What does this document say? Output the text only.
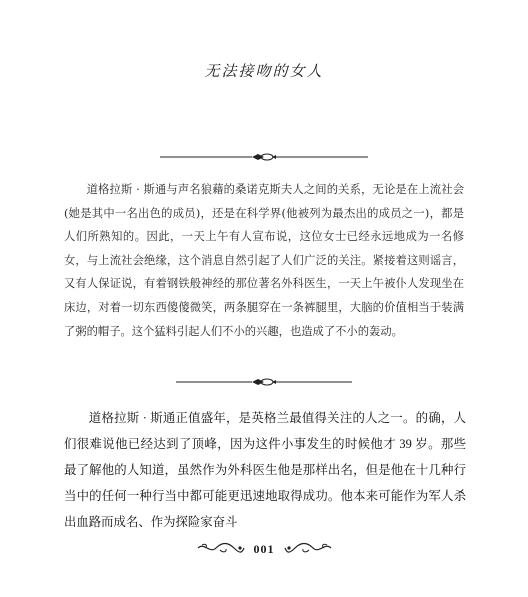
无法接吻的女人

道格拉斯 · 斯通与声名狼藉的桑诺克斯夫人之间的关系，无论是在上流社会(她是其中一名出色的成员)，还是在科学界(他被列为最杰出的成员之一)，都是人们所熟知的。因此，一天上午有人宣布说，这位女士已经永远地成为一名修女，与上流社会绝缘，这个消息自然引起了人们广泛的关注。紧接着这则谣言，又有人保证说，有着钢铁般神经的那位著名外科医生，一天上午被仆人发现坐在床边，对着一切东西傻傻微笑，两条腿穿在一条裤腿里，大脑的价值相当于装满了粥的帽子。这个猛料引起人们不小的兴趣，也造成了不小的轰动。

道格拉斯 · 斯通正值盛年，是英格兰最值得关注的人之一。的确，人们很难说他已经达到了顶峰，因为这件小事发生的时候他才 39 岁。那些最了解他的人知道，虽然作为外科医生他是那样出名，但是他在十几种行当中的任何一种行当中都可能更迅速地取得成功。他本来可能作为军人杀出血路而成名、作为探险家奋斗

001
